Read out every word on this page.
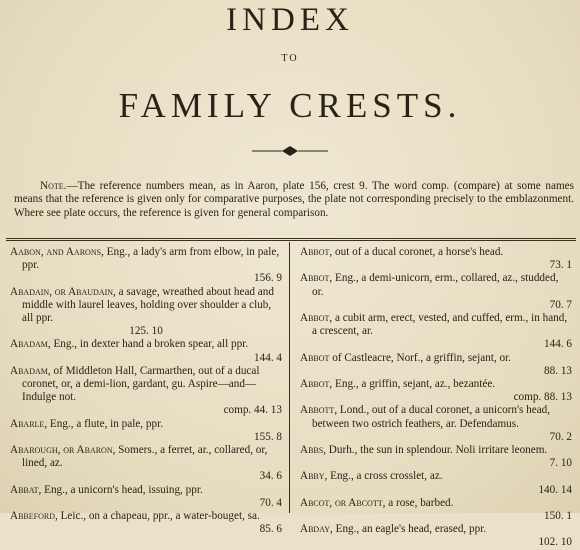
INDEX
TO
FAMILY CRESTS.
Note.—The reference numbers mean, as in Aaron, plate 156, crest 9. The word comp. (compare) at some names means that the reference is given only for comparative purposes, the plate not corresponding precisely to the emblazonment. Where see plate occurs, the reference is given for general comparison.
Aabon, and Aarons, Eng., a lady's arm from elbow, in pale, ppr.
156. 9
Abadain, or Abaudain, a savage, wreathed about head and middle with laurel leaves, holding over shoulder a club, all ppr.
125. 10
Abadam, Eng., in dexter hand a broken spear, all ppr.
144. 4
Abadam, of Middleton Hall, Carmarthen, out of a ducal coronet, or, a demi-lion, gardant, gu. Aspire—and—Indulge not.
comp. 44. 13
Abarle, Eng., a flute, in pale, ppr.
155. 8
Abarough, or Abaron, Somers., a ferret, ar., collared, or, lined, az.
34. 6
Abbat, Eng., a unicorn's head, issuing, ppr.
70. 4
Abbeford, Leic., on a chapeau, ppr., a water-bouget, sa.
85. 6
Abbot, out of a ducal coronet, a horse's head.
73. 1
Abbot, Eng., a demi-unicorn, erm., collared, az., studded, or.
70. 7
Abbot, a cubit arm, erect, vested, and cuffed, erm., in hand, a crescent, ar.
144. 6
Abbot of Castleacre, Norf., a griffin, sejant, or.
88. 13
Abbot, Eng., a griffin, sejant, az., bezantée.
comp. 88. 13
Abbott, Lond., out of a ducal coronet, a unicorn's head, between two ostrich feathers, ar. Defendamus.
70. 2
Abbs, Durh., the sun in splendour. Noli irritare leonem.
7. 10
Abby, Eng., a cross crosslet, az.
140. 14
Abcot, or Abcott, a rose, barbed.
150. 1
Abday, Eng., an eagle's head, erased, ppr.
102. 10
